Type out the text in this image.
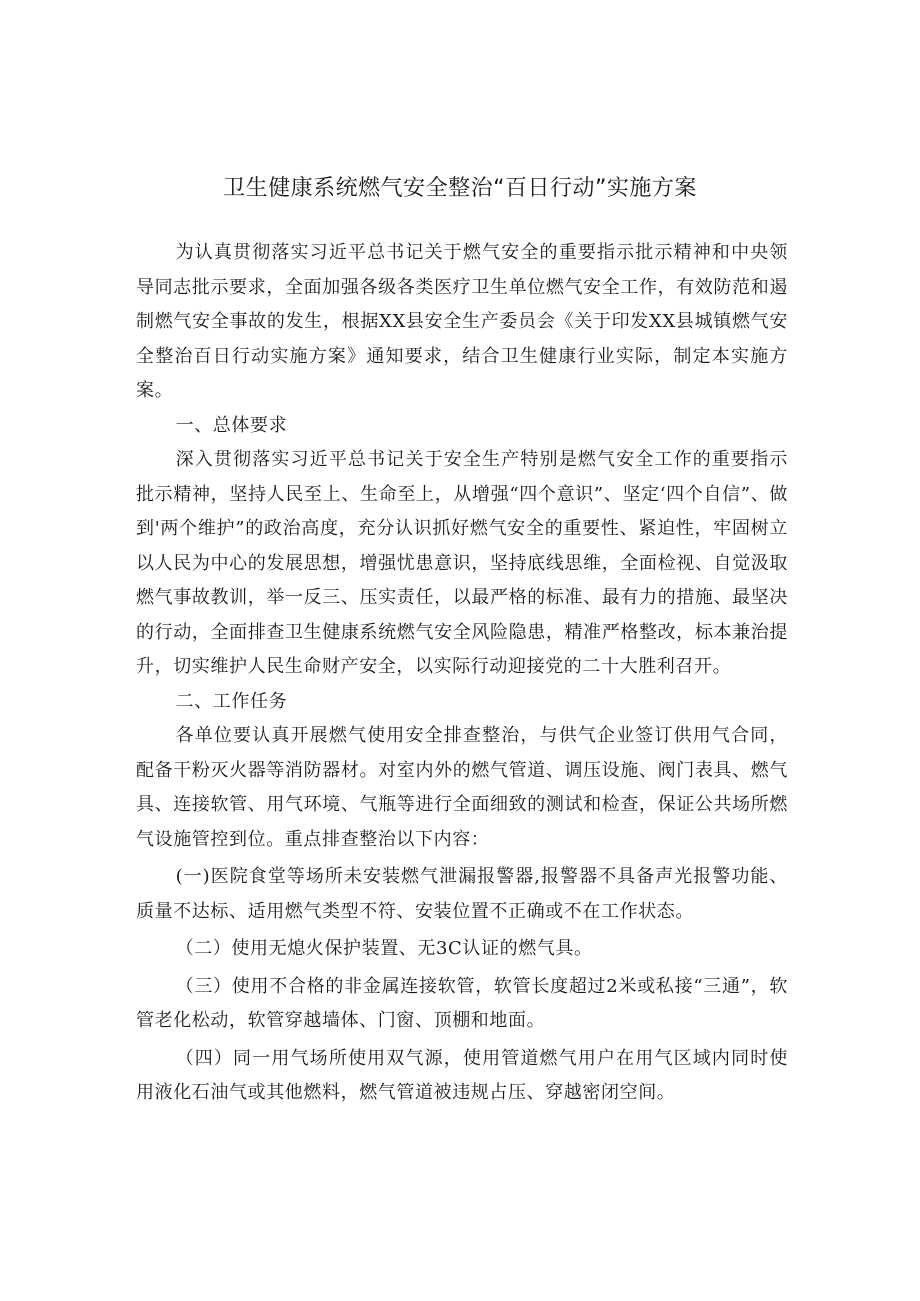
卫生健康系统燃气安全整治“百日行动”实施方案

为认真贯彻落实习近平总书记关于燃气安全的重要指示批示精神和中央领导同志批示要求，全面加强各级各类医疗卫生单位燃气安全工作，有效防范和遏制燃气安全事故的发生，根据XX县安全生产委员会《关于印发XX县城镇燃气安全整治百日行动实施方案》通知要求，结合卫生健康行业实际，制定本实施方案。

一、总体要求

深入贯彻落实习近平总书记关于安全生产特别是燃气安全工作的重要指示批示精神，坚持人民至上、生命至上，从增强“四个意识”、坚定‘四个自信”、做到'两个维护”的政治高度，充分认识抓好燃气安全的重要性、紧迫性，牢固树立以人民为中心的发展思想，增强忧患意识，坚持底线思维，全面检视、自觉汲取燃气事故教训，举一反三、压实责任，以最严格的标准、最有力的措施、最坚决的行动，全面排查卫生健康系统燃气安全风险隐患，精准严格整改，标本兼治提升，切实维护人民生命财产安全，以实际行动迎接党的二十大胜利召开。

二、工作任务

各单位要认真开展燃气使用安全排查整治，与供气企业签订供用气合同，配备干粉灭火器等消防器材。对室内外的燃气管道、调压设施、阀门表具、燃气具、连接软管、用气环境、气瓶等进行全面细致的测试和检查，保证公共场所燃气设施管控到位。重点排查整治以下内容：

(一)医院食堂等场所未安装燃气泄漏报警器,报警器不具备声光报警功能、质量不达标、适用燃气类型不符、安装位置不正确或不在工作状态。

（二）使用无熄火保护装置、无3C认证的燃气具。

（三）使用不合格的非金属连接软管，软管长度超过2米或私接“三通”，软管老化松动，软管穿越墙体、门窗、顶棚和地面。

（四）同一用气场所使用双气源，使用管道燃气用户在用气区域内同时使用液化石油气或其他燃料，燃气管道被违规占压、穿越密闭空间。
